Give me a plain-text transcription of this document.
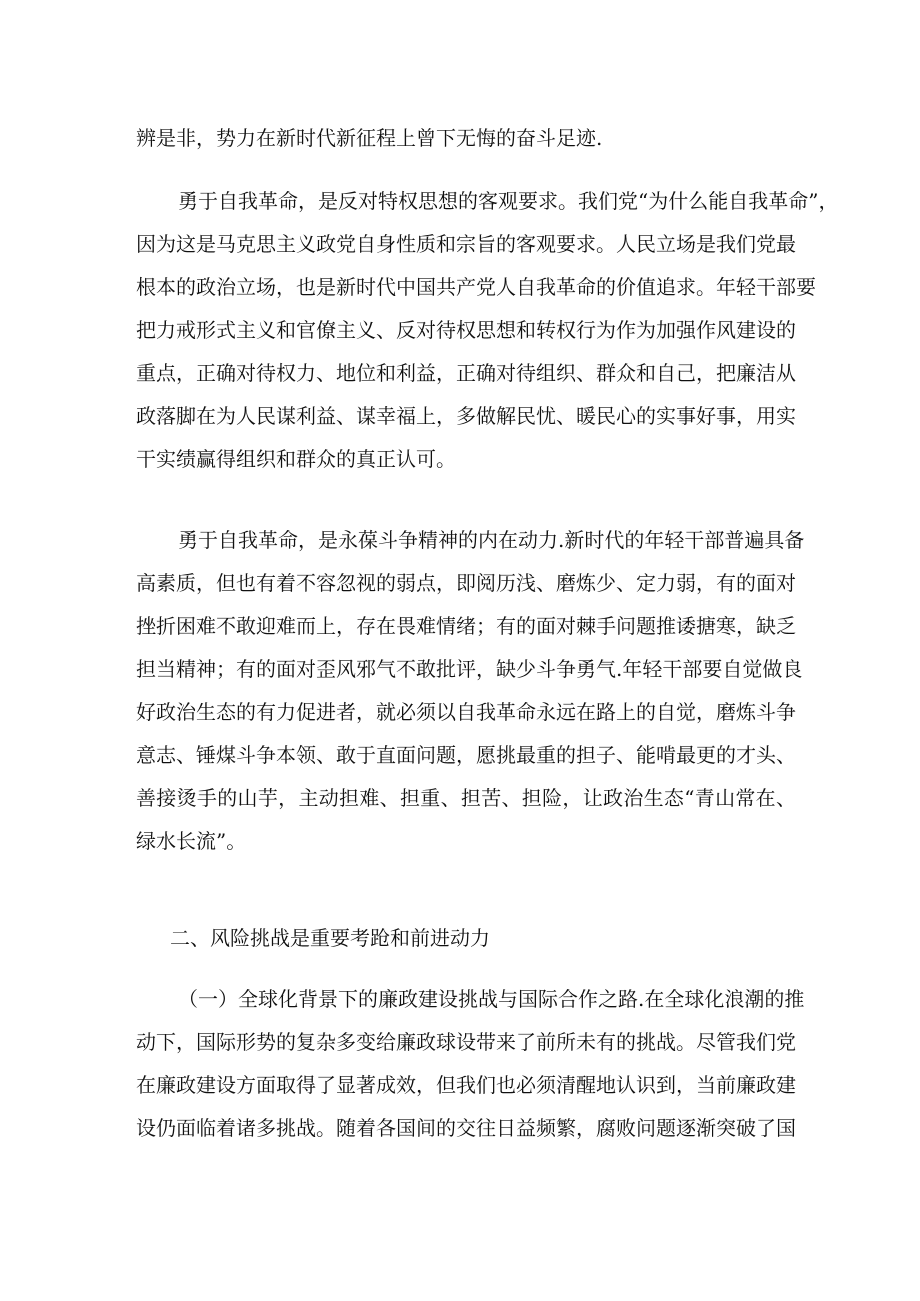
辨是非，势力在新时代新征程上曾下无悔的奋斗足迹.
勇于自我革命，是反对特权思想的客观要求。我们党“为什么能自我革命”，
因为这是马克思主义政党自身性质和宗旨的客观要求。人民立场是我们党最
根本的政治立场，也是新时代中国共产党人自我革命的价值追求。年轻干部要
把力戒形式主义和官僚主义、反对待权思想和转权行为作为加强作风建设的
重点，正确对待权力、地位和利益，正确对待组织、群众和自己，把廉洁从
政落脚在为人民谋利益、谋幸福上，多做解民忧、暖民心的实事好事，用实
干实绩赢得组织和群众的真正认可。
勇于自我革命，是永葆斗争精神的内在动力.新时代的年轻干部普遍具备
高素质，但也有着不容忽视的弱点，即阅历浅、磨炼少、定力弱，有的面对
挫折困难不敢迎难而上，存在畏难情绪；有的面对棘手问题推诿搪寒，缺乏
担当精神；有的面对歪风邪气不敢批评，缺少斗争勇气.年轻干部要自觉做良
好政治生态的有力促进者，就必须以自我革命永远在路上的自觉，磨炼斗争
意志、锤煤斗争本领、敢于直面问题，愿挑最重的担子、能啃最更的才头、
善接烫手的山芋，主动担难、担重、担苦、担险，让政治生态“青山常在、
绿水长流”。
二、风险挑战是重要考跄和前进动力
（一）全球化背景下的廉政建设挑战与国际合作之路.在全球化浪潮的推
动下，国际形势的复杂多变给廉政球设带来了前所未有的挑战。尽管我们党
在廉政建设方面取得了显著成效，但我们也必须清醒地认识到，当前廉政建
设仍面临着诸多挑战。随着各国间的交往日益频繁，腐败问题逐渐突破了国
